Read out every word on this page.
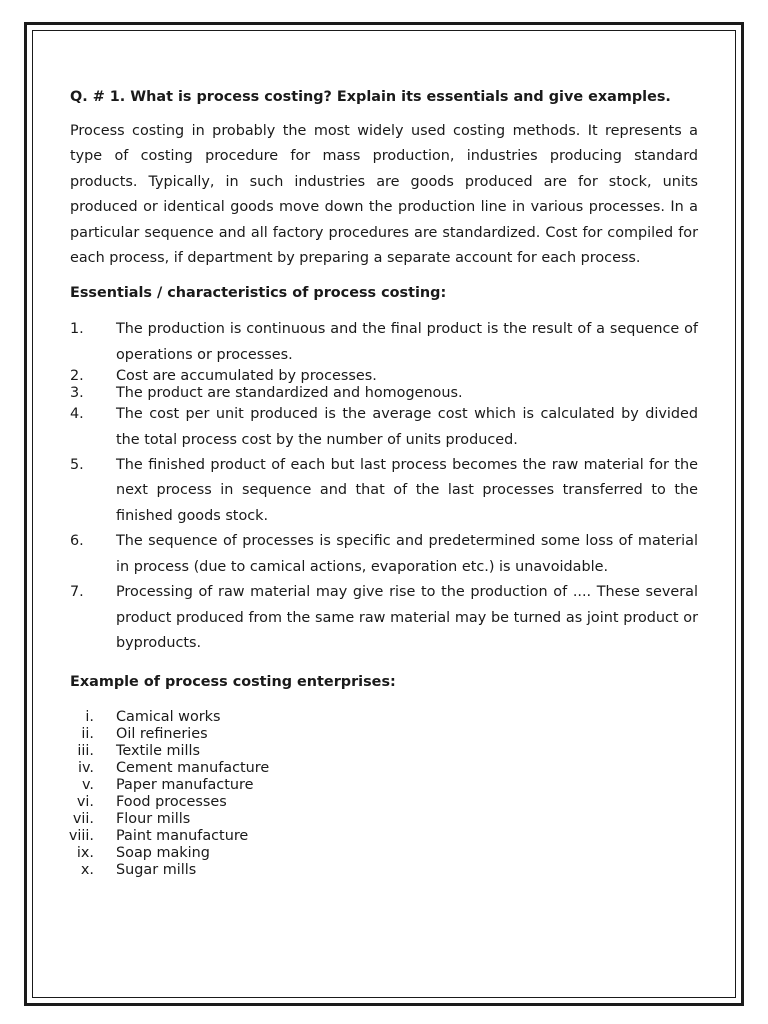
Q. # 1. What is process costing? Explain its essentials and give examples.

Process costing in probably the most widely used costing methods. It represents a type of costing procedure for mass production, industries producing standard products. Typically, in such industries are goods produced are for stock, units produced or identical goods move down the production line in various processes. In a particular sequence and all factory procedures are standardized. Cost for compiled for each process, if department by preparing a separate account for each process.

Essentials / characteristics of process costing:

1.	The production is continuous and the final product is the result of a sequence of operations or processes.
2.	Cost are accumulated by processes.
3.	The product are standardized and homogenous.
4.	The cost per unit produced is the average cost which is calculated by divided the total process cost by the number of units produced.
5.	The finished product of each but last process becomes the raw material for the next process in sequence and that of the last processes transferred to the finished goods stock.
6.	The sequence of processes is specific and predetermined some loss of material in process (due to camical actions, evaporation etc.) is unavoidable.
7.	Processing of raw material may give rise to the production of .... These several product produced from the same raw material may be turned as joint product or byproducts.

Example of process costing enterprises:

i. Camical works
ii. Oil refineries
iii. Textile mills
iv. Cement manufacture
v. Paper manufacture
vi. Food processes
vii. Flour mills
viii. Paint manufacture
ix. Soap making
x. Sugar mills
